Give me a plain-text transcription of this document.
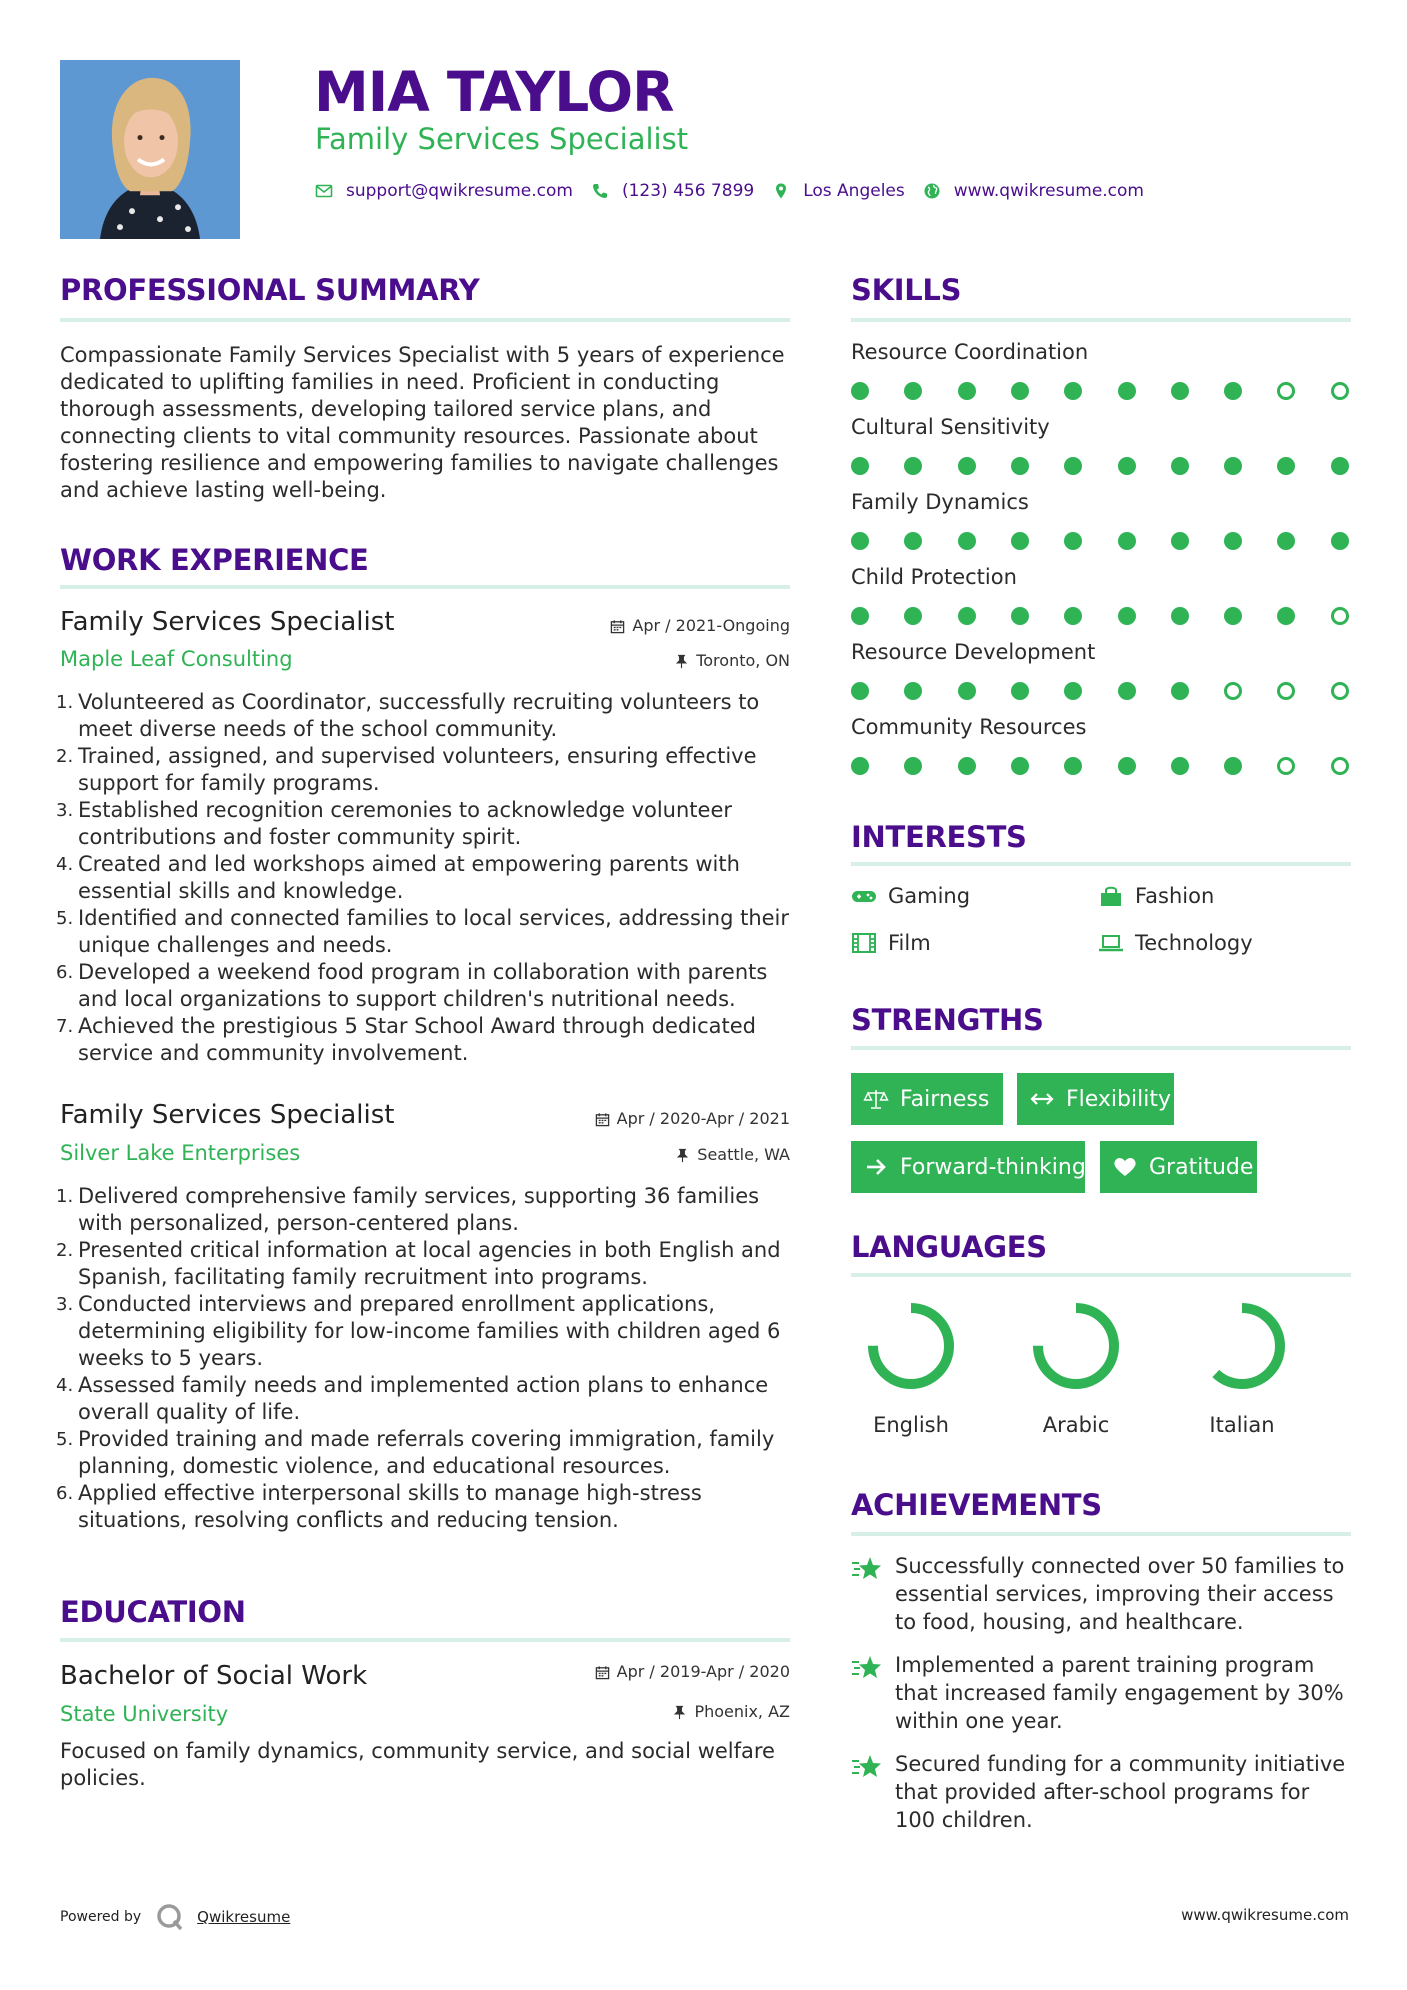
MIA TAYLOR
Family Services Specialist
support@qwikresume.com	(123) 456 7899	Los Angeles	www.qwikresume.com
PROFESSIONAL SUMMARY
Compassionate Family Services Specialist with 5 years of experience dedicated to uplifting families in need. Proficient in conducting thorough assessments, developing tailored service plans, and connecting clients to vital community resources. Passionate about fostering resilience and empowering families to navigate challenges and achieve lasting well-being.
WORK EXPERIENCE
Family Services Specialist	Apr / 2021-Ongoing
Maple Leaf Consulting	Toronto, ON
1. Volunteered as Coordinator, successfully recruiting volunteers to meet diverse needs of the school community.
2. Trained, assigned, and supervised volunteers, ensuring effective support for family programs.
3. Established recognition ceremonies to acknowledge volunteer contributions and foster community spirit.
4. Created and led workshops aimed at empowering parents with essential skills and knowledge.
5. Identified and connected families to local services, addressing their unique challenges and needs.
6. Developed a weekend food program in collaboration with parents and local organizations to support children's nutritional needs.
7. Achieved the prestigious 5 Star School Award through dedicated service and community involvement.
Family Services Specialist	Apr / 2020-Apr / 2021
Silver Lake Enterprises	Seattle, WA
1. Delivered comprehensive family services, supporting 36 families with personalized, person-centered plans.
2. Presented critical information at local agencies in both English and Spanish, facilitating family recruitment into programs.
3. Conducted interviews and prepared enrollment applications, determining eligibility for low-income families with children aged 6 weeks to 5 years.
4. Assessed family needs and implemented action plans to enhance overall quality of life.
5. Provided training and made referrals covering immigration, family planning, domestic violence, and educational resources.
6. Applied effective interpersonal skills to manage high-stress situations, resolving conflicts and reducing tension.
EDUCATION
Bachelor of Social Work	Apr / 2019-Apr / 2020
State University	Phoenix, AZ
Focused on family dynamics, community service, and social welfare policies.
SKILLS
Resource Coordination
Cultural Sensitivity
Family Dynamics
Child Protection
Resource Development
Community Resources
INTERESTS
Gaming	Fashion
Film	Technology
STRENGTHS
Fairness	Flexibility
Forward-thinking	Gratitude
LANGUAGES
English	Arabic	Italian
ACHIEVEMENTS
Successfully connected over 50 families to essential services, improving their access to food, housing, and healthcare.
Implemented a parent training program that increased family engagement by 30% within one year.
Secured funding for a community initiative that provided after-school programs for 100 children.
Powered by	Qwikresume	www.qwikresume.com
